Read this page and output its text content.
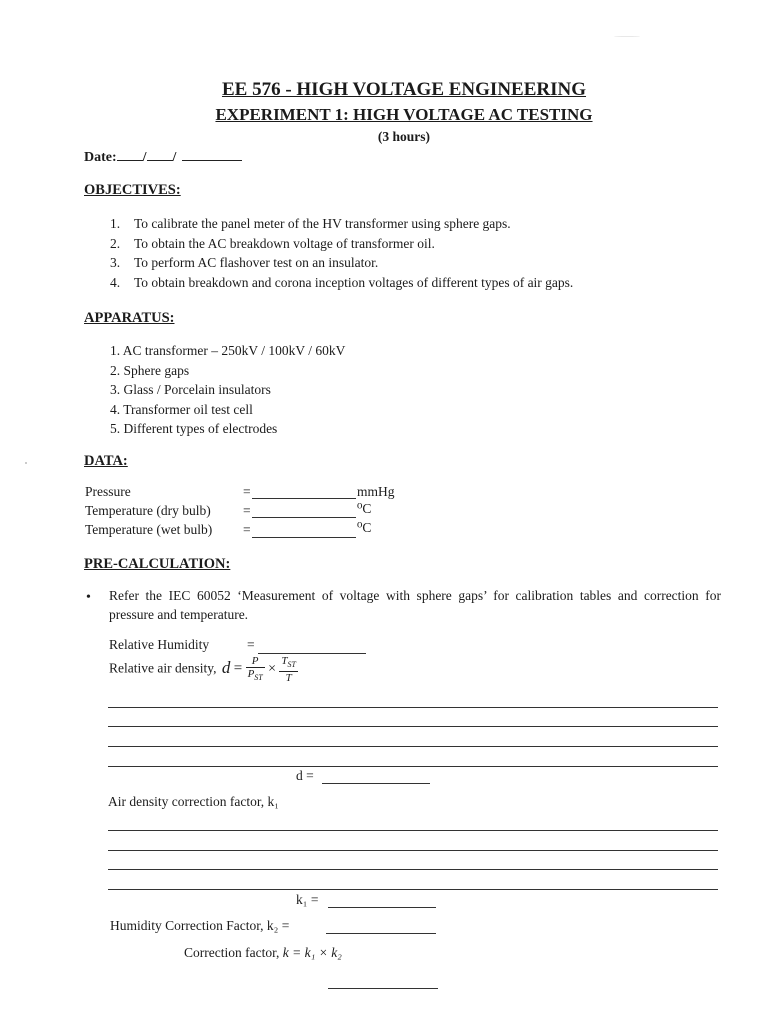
EE 576 - HIGH VOLTAGE ENGINEERING
EXPERIMENT 1: HIGH VOLTAGE AC TESTING
(3 hours)
Date: / /
OBJECTIVES:
1. To calibrate the panel meter of the HV transformer using sphere gaps.
2. To obtain the AC breakdown voltage of transformer oil.
3. To perform AC flashover test on an insulator.
4. To obtain breakdown and corona inception voltages of different types of air gaps.
APPARATUS:
1. AC transformer – 250kV / 100kV / 60kV
2. Sphere gaps
3. Glass / Porcelain insulators
4. Transformer oil test cell
5. Different types of electrodes
DATA:
Pressure	=	mmHg
Temperature (dry bulb) =	⁰C
Temperature (wet bulb) =	⁰C
PRE-CALCULATION:
• Refer the IEC 60052 ‘Measurement of voltage with sphere gaps’ for calibration tables and correction for pressure and temperature.
Relative Humidity	=
Relative air density, $d = \frac{P}{P_{ST}} \times \frac{T_{ST}}{T}$
d =
Air density correction factor, k₁
k₁ =
Humidity Correction Factor, k₂ =
Correction factor, k = k₁ × k₂
